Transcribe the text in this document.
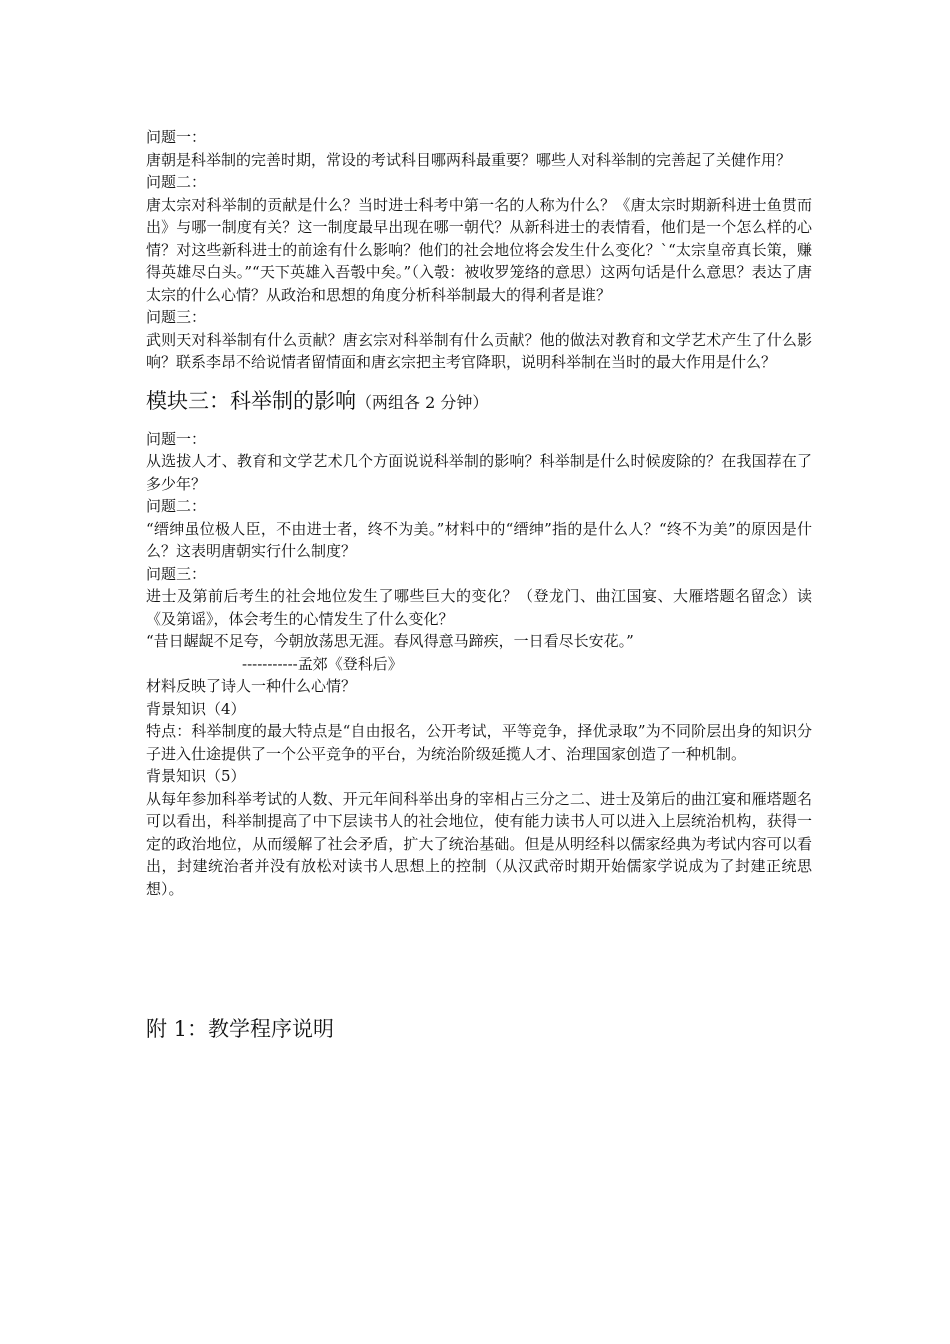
问题一：

唐朝是科举制的完善时期，常设的考试科目哪两科最重要？哪些人对科举制的完善起了关健作用？

问题二：

唐太宗对科举制的贡献是什么？当时进士科考中第一名的人称为什么？《唐太宗时期新科进士鱼贯而出》与哪一制度有关？这一制度最早出现在哪一朝代？从新科进士的表情看，他们是一个怎么样的心情？对这些新科进士的前途有什么影响？他们的社会地位将会发生什么变化？`“太宗皇帝真长策，赚得英雄尽白头。”“天下英雄入吾彀中矣。”（入彀：被收罗笼络的意思）这两句话是什么意思？表达了唐太宗的什么心情？从政治和思想的角度分析科举制最大的得利者是谁？

问题三：

武则天对科举制有什么贡献？唐玄宗对科举制有什么贡献？他的做法对教育和文学艺术产生了什么影响？联系李昂不给说情者留情面和唐玄宗把主考官降职，说明科举制在当时的最大作用是什么？

模块三：科举制的影响（两组各 2 分钟）

问题一：

从选拔人才、教育和文学艺术几个方面说说科举制的影响？科举制是什么时候废除的？在我国荐在了多少年？

问题二：

“缙绅虽位极人臣，不由进士者，终不为美。”材料中的“缙绅”指的是什么人？“终不为美”的原因是什么？这表明唐朝实行什么制度？

问题三：

进士及第前后考生的社会地位发生了哪些巨大的变化？（登龙门、曲江国宴、大雁塔题名留念）读《及第谣》，体会考生的心情发生了什么变化？

“昔日龌龊不足夸，今朝放荡思无涯。春风得意马蹄疾，一日看尽长安花。”

-----------孟郊《登科后》

材料反映了诗人一种什么心情？

背景知识（4）

特点：科举制度的最大特点是“自由报名，公开考试，平等竞争，择优录取”为不同阶层出身的知识分子进入仕途提供了一个公平竞争的平台，为统治阶级延揽人才、治理国家创造了一种机制。

背景知识（5）

从每年参加科举考试的人数、开元年间科举出身的宰相占三分之二、进士及第后的曲江宴和雁塔题名可以看出，科举制提高了中下层读书人的社会地位，使有能力读书人可以进入上层统治机构，获得一定的政治地位，从而缓解了社会矛盾，扩大了统治基础。但是从明经科以儒家经典为考试内容可以看出，封建统治者并没有放松对读书人思想上的控制（从汉武帝时期开始儒家学说成为了封建正统思想）。

附 1：教学程序说明
